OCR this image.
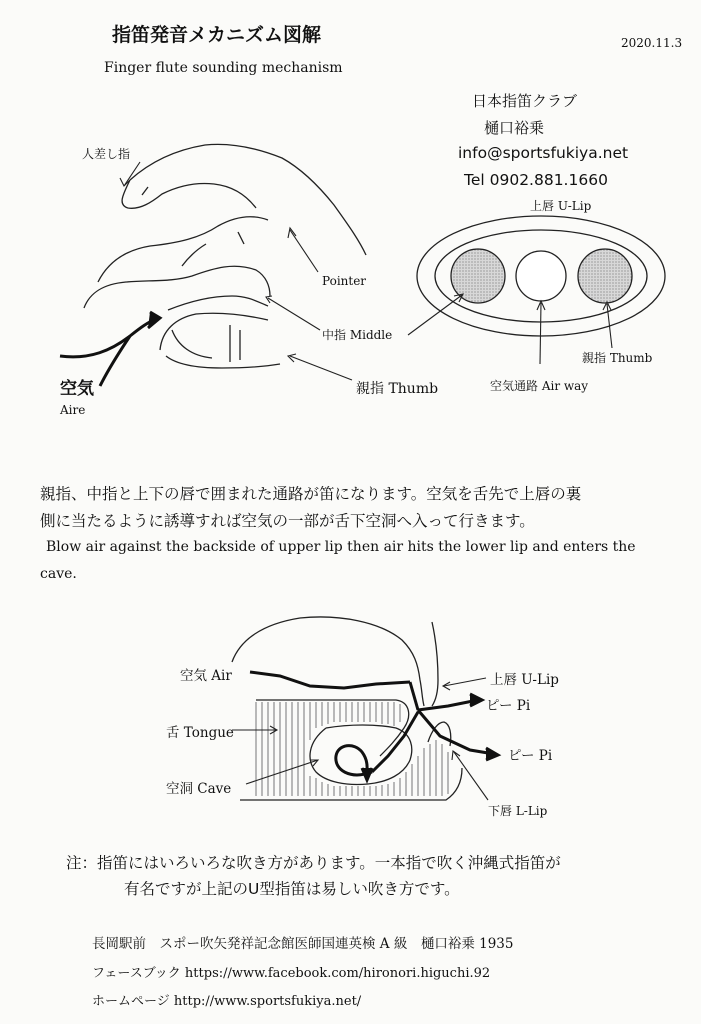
指笛発音メカニズム図解
Finger flute sounding mechanism
2020.11.3
日本指笛クラブ
樋口裕乗
info@sportsfukiya.net
Tel 0902.881.1660
人差し指
Pointer
中指 Middle
親指 Thumb
空気
Aire
上唇 U-Lip
親指 Thumb
空気通路 Air way
親指、中指と上下の唇で囲まれた通路が笛になります。空気を舌先で上唇の裏
側に当たるように誘導すれば空気の一部が舌下空洞へ入って行きます。
Blow air against the backside of upper lip then air hits the lower lip and enters the
cave.
空気 Air	上唇 U-Lip
ピー Pi
舌 Tongue
ピー Pi
空洞 Cave
下唇 L-Lip
注：指笛にはいろいろな吹き方があります。一本指で吹く沖縄式指笛が
有名ですが上記のU型指笛は易しい吹き方です。
長岡駅前　スポー吹矢発祥記念館医師国連英検 A 級　樋口裕乗 1935
フェースブック https://www.facebook.com/hironori.higuchi.92
ホームページ http://www.sportsfukiya.net/
